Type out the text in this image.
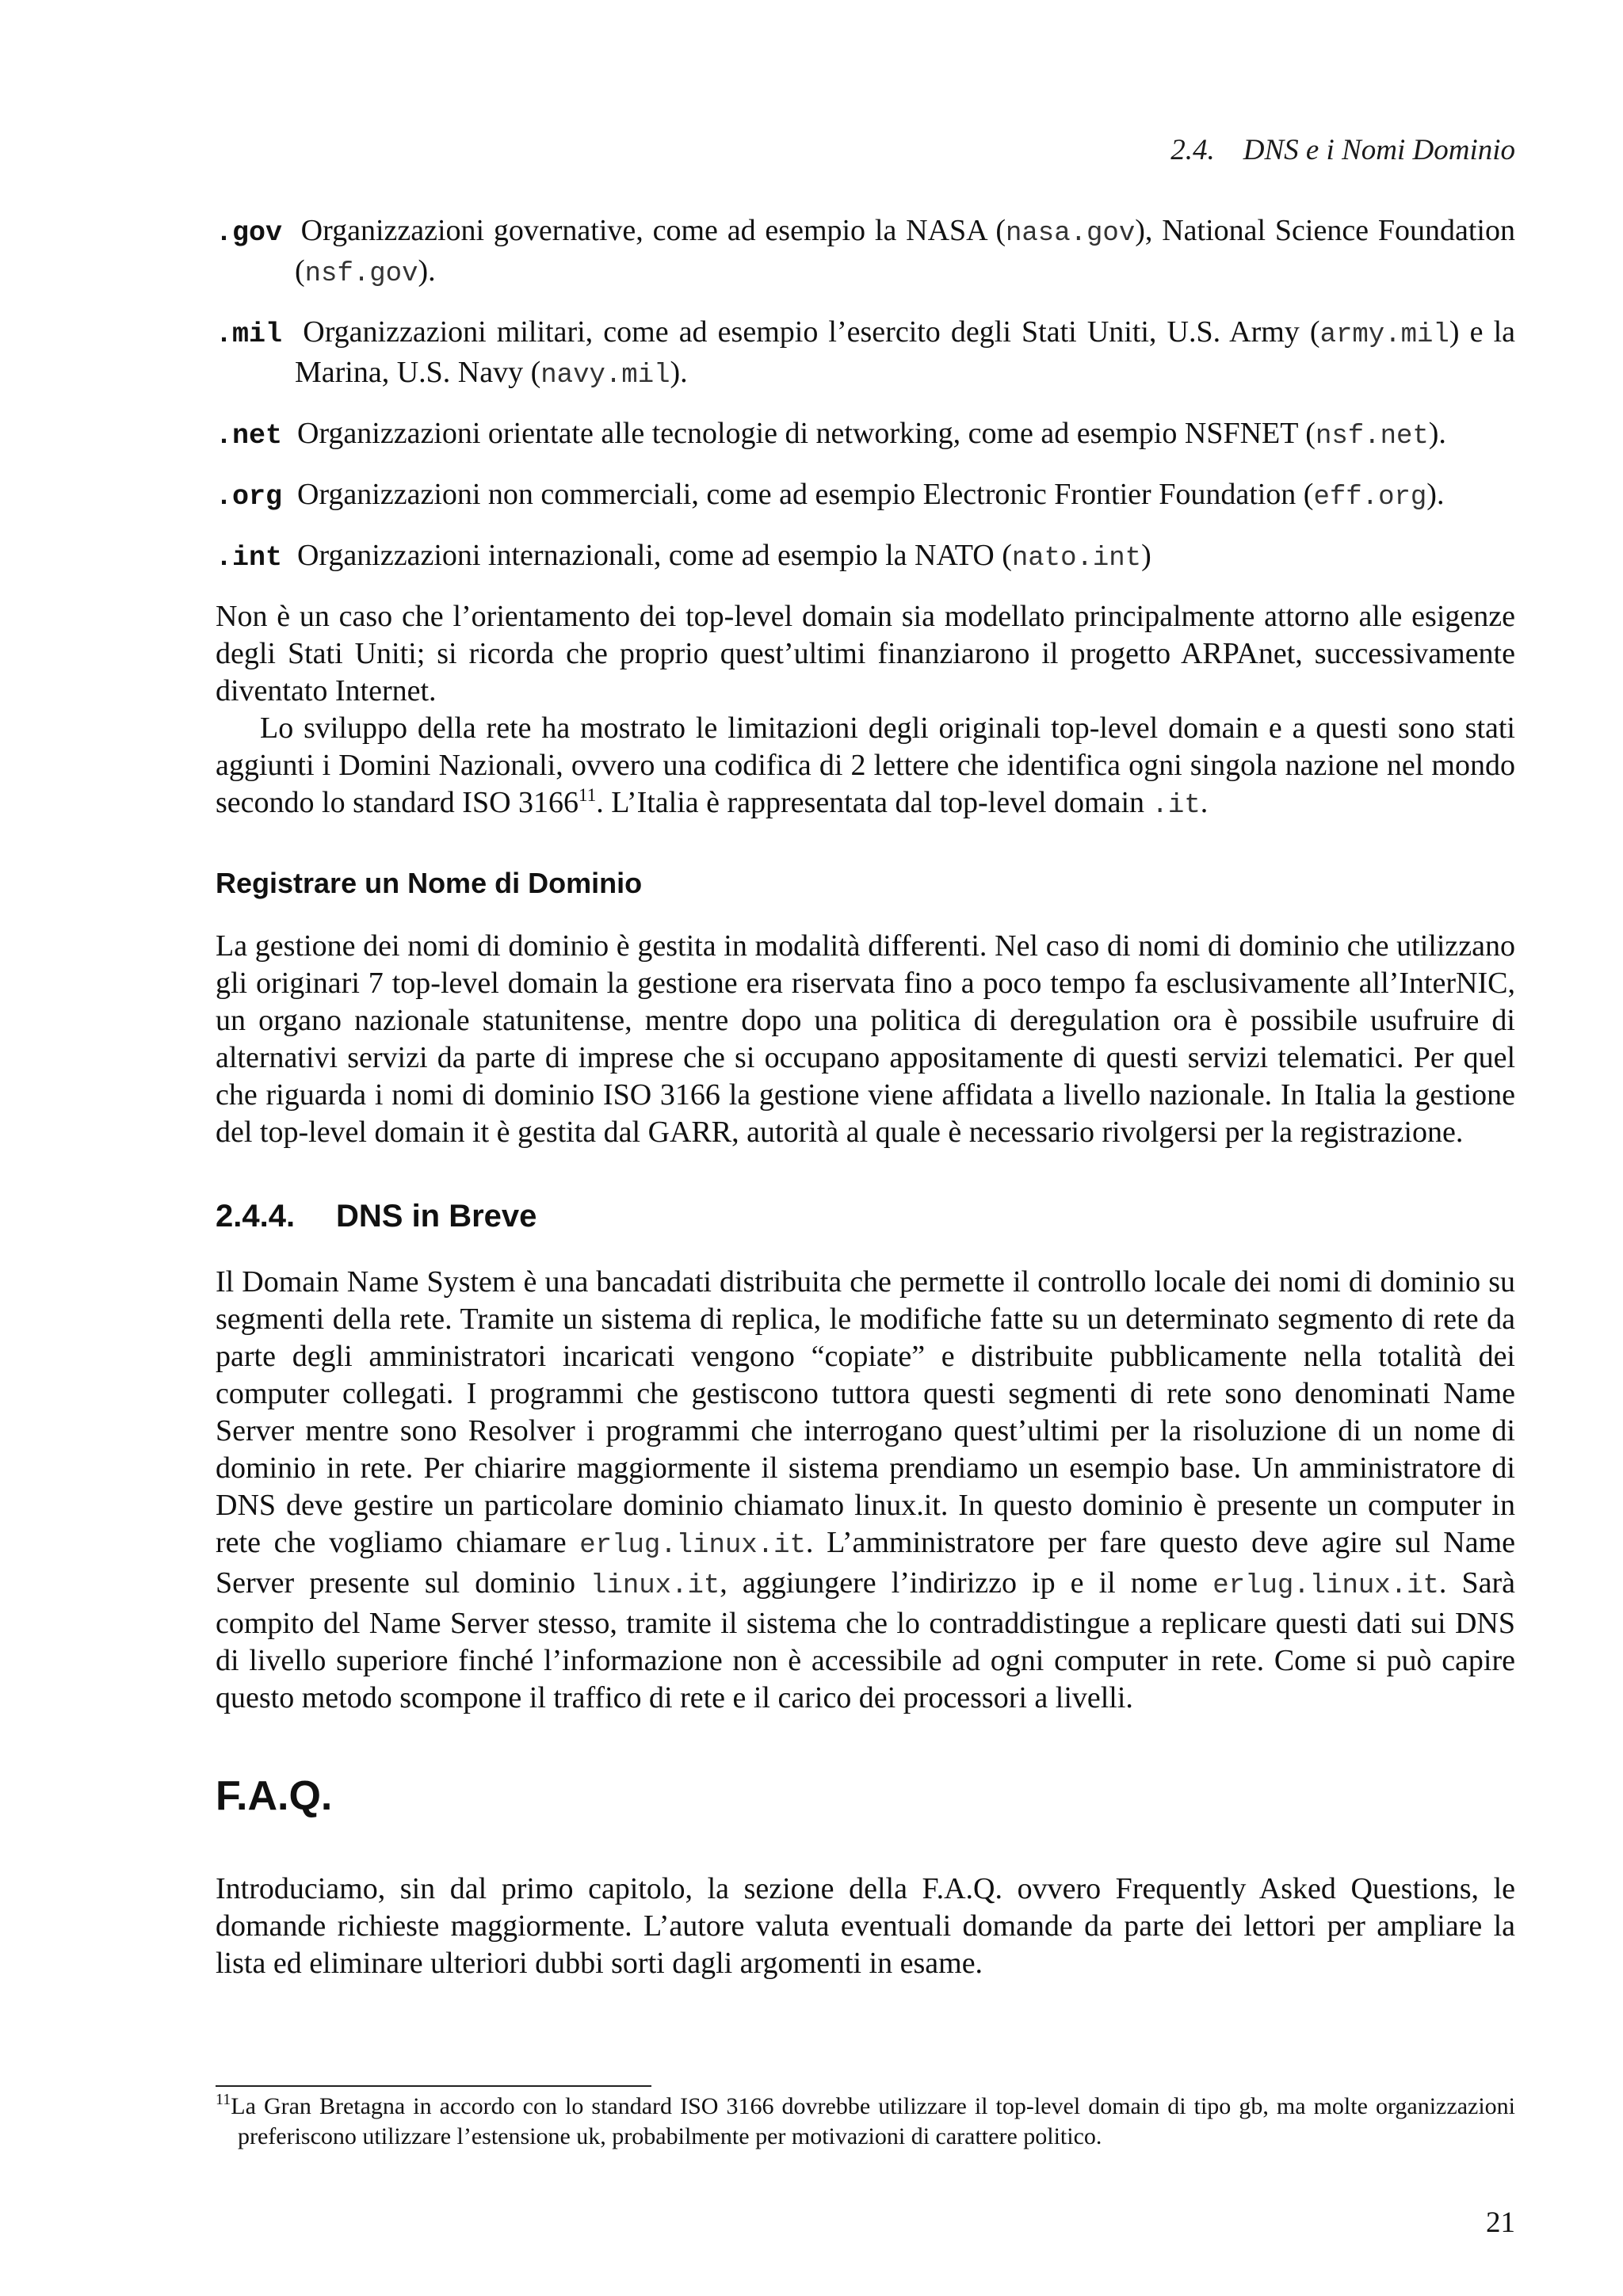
2.4. DNS e i Nomi Dominio
.gov Organizzazioni governative, come ad esempio la NASA (nasa.gov), National Science Foundation (nsf.gov).
.mil Organizzazioni militari, come ad esempio l’esercito degli Stati Uniti, U.S. Army (army.mil) e la Marina, U.S. Navy (navy.mil).
.net Organizzazioni orientate alle tecnologie di networking, come ad esempio NSFNET (nsf.net).
.org Organizzazioni non commerciali, come ad esempio Electronic Frontier Foundation (eff.org).
.int Organizzazioni internazionali, come ad esempio la NATO (nato.int)

Non è un caso che l’orientamento dei top-level domain sia modellato principalmente attorno alle esigenze degli Stati Uniti; si ricorda che proprio quest’ultimi finanziarono il progetto ARPAnet, successivamente diventato Internet.

Lo sviluppo della rete ha mostrato le limitazioni degli originali top-level domain e a questi sono stati aggiunti i Domini Nazionali, ovvero una codifica di 2 lettere che identifica ogni singola nazione nel mondo secondo lo standard ISO 3166$^{11}$. L’Italia è rappresentata dal top-level domain .it.

Registrare un Nome di Dominio

La gestione dei nomi di dominio è gestita in modalità differenti. Nel caso di nomi di dominio che utilizzano gli originari 7 top-level domain la gestione era riservata fino a poco tempo fa esclusivamente all’InterNIC, un organo nazionale statunitense, mentre dopo una politica di deregulation ora è possibile usufruire di alternativi servizi da parte di imprese che si occupano appositamente di questi servizi telematici. Per quel che riguarda i nomi di dominio ISO 3166 la gestione viene affidata a livello nazionale. In Italia la gestione del top-level domain it è gestita dal GARR, autorità al quale è necessario rivolgersi per la registrazione.

2.4.4. DNS in Breve

Il Domain Name System è una bancadati distribuita che permette il controllo locale dei nomi di dominio su segmenti della rete. Tramite un sistema di replica, le modifiche fatte su un determinato segmento di rete da parte degli amministratori incaricati vengono “copiate” e distribuite pubblicamente nella totalità dei computer collegati. I programmi che gestiscono tuttora questi segmenti di rete sono denominati Name Server mentre sono Resolver i programmi che interrogano quest’ultimi per la risoluzione di un nome di dominio in rete. Per chiarire maggiormente il sistema prendiamo un esempio base. Un amministratore di DNS deve gestire un particolare dominio chiamato linux.it. In questo dominio è presente un computer in rete che vogliamo chiamare erlug.linux.it. L’amministratore per fare questo deve agire sul Name Server presente sul dominio linux.it, aggiungere l’indirizzo ip e il nome erlug.linux.it. Sarà compito del Name Server stesso, tramite il sistema che lo contraddistingue a replicare questi dati sui DNS di livello superiore finché l’informazione non è accessibile ad ogni computer in rete. Come si può capire questo metodo scompone il traffico di rete e il carico dei processori a livelli.

F.A.Q.

Introduciamo, sin dal primo capitolo, la sezione della F.A.Q. ovvero Frequently Asked Questions, le domande richieste maggiormente. L’autore valuta eventuali domande da parte dei lettori per ampliare la lista ed eliminare ulteriori dubbi sorti dagli argomenti in esame.

$^{11}$La Gran Bretagna in accordo con lo standard ISO 3166 dovrebbe utilizzare il top-level domain di tipo gb, ma molte organizzazioni preferiscono utilizzare l’estensione uk, probabilmente per motivazioni di carattere politico.
21
